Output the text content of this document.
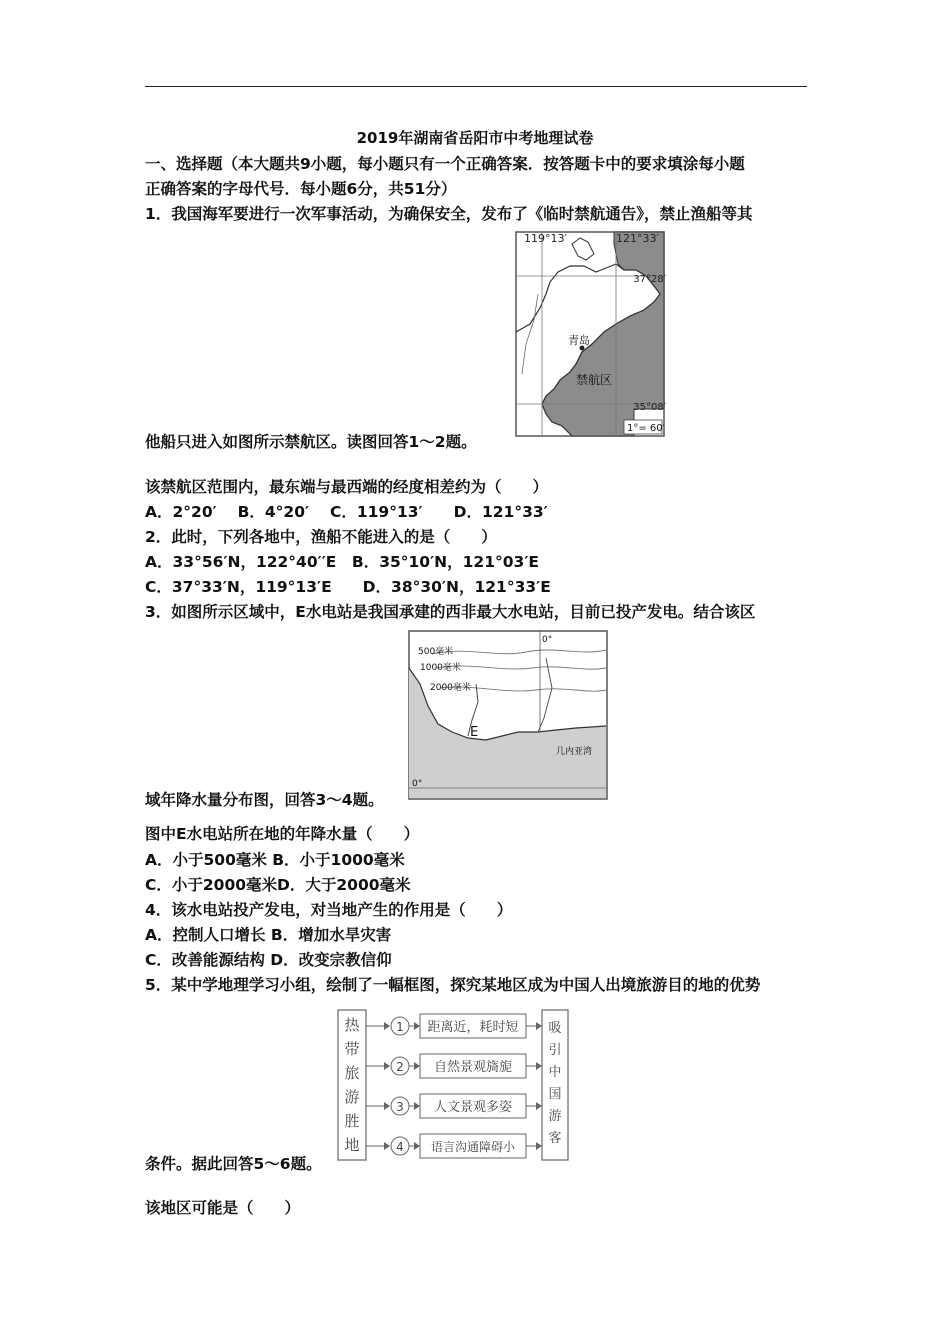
2019年湖南省岳阳市中考地理试卷
一、选择题（本大题共9小题，每小题只有一个正确答案．按答题卡中的要求填涂每小题
正确答案的字母代号．每小题6分，共51分）
1．我国海军要进行一次军事活动，为确保安全，发布了《临时禁航通告》，禁止渔船等其
119°13′	121°33′
37°28′
35°08′
青岛
禁航区
1°= 60′
他船只进入如图所示禁航区。读图回答1～2题。
该禁航区范围内，最东端与最西端的经度相差约为（　　）
A．2°20′　 B．4°20′　 C．119°13′　　D．121°33′
2．此时，下列各地中，渔船不能进入的是（　　）
A．33°56′N，122°40′′E　B．35°10′N，121°03′E
C．37°33′N，119°13′E　　D．38°30′N，121°33′E
3．如图所示区域中，E水电站是我国承建的西非最大水电站，目前已投产发电。结合该区
500毫米
1000毫米
2000毫米
0°
E
几内亚湾
0°
域年降水量分布图，回答3～4题。
图中E水电站所在地的年降水量（　　）
A．小于500毫米 B．小于1000毫米
C．小于2000毫米D．大于2000毫米
4．该水电站投产发电，对当地产生的作用是（　　）
A．控制人口增长 B．增加水旱灾害
C．改善能源结构 D．改变宗教信仰
5．某中学地理学习小组，绘制了一幅框图，探究某地区成为中国人出境旅游目的地的优势
热
带
旅
游
胜
地
1 距离近，耗时短
2 自然景观旖旎
3 人文景观多姿
4 语言沟通障碍小
吸
引
中
国
游
客
条件。据此回答5～6题。
该地区可能是（　　）
